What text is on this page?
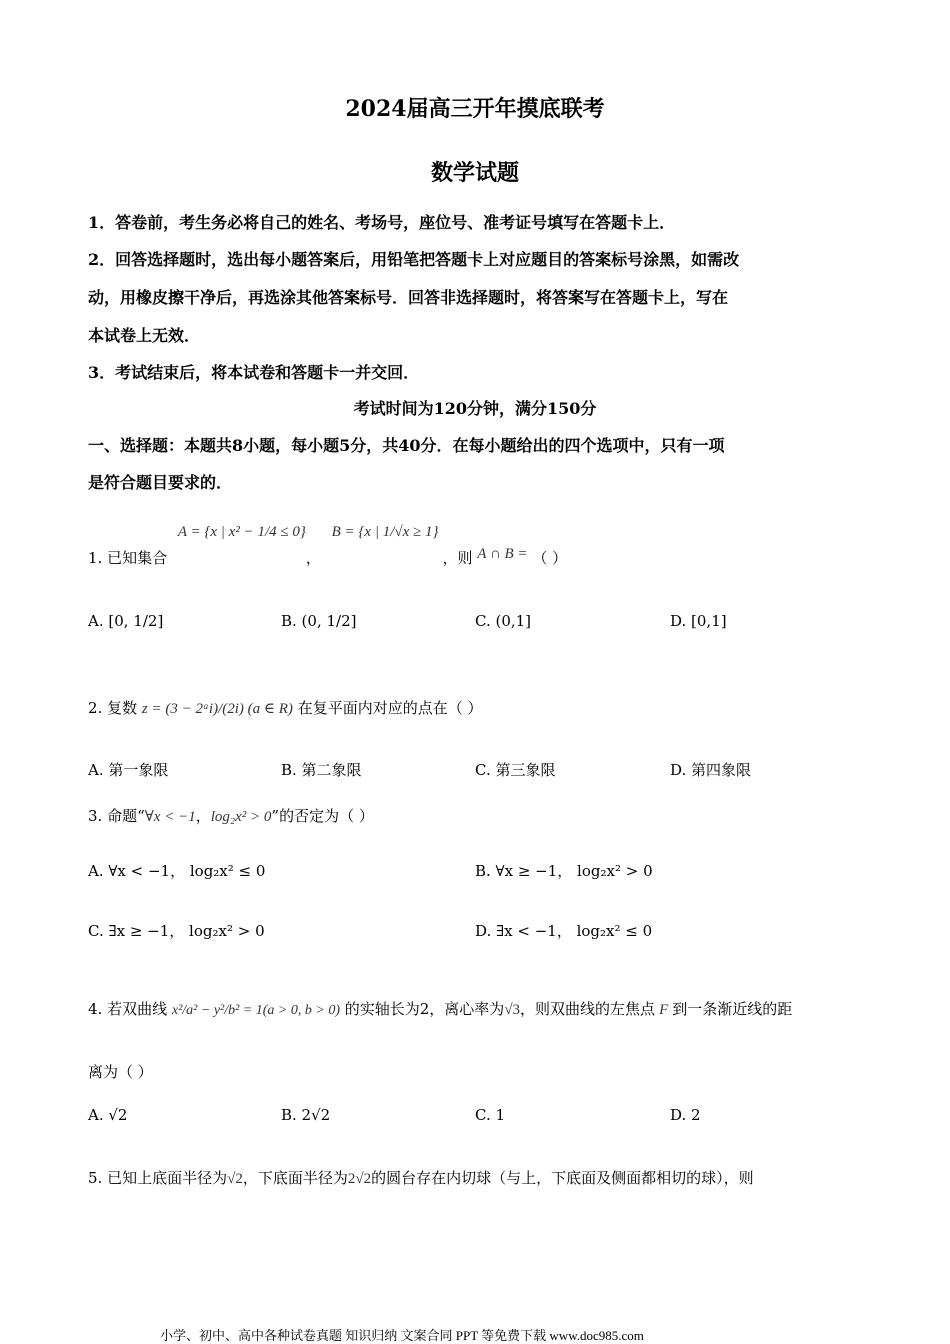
2024届高三开年摸底联考
数学试题
1．答卷前，考生务必将自己的姓名、考场号，座位号、准考证号填写在答题卡上．
2．回答选择题时，选出每小题答案后，用铅笔把答题卡上对应题目的答案标号涂黑，如需改
动，用橡皮擦干净后，再选涂其他答案标号．回答非选择题时，将答案写在答题卡上，写在
本试卷上无效．
3．考试结束后，将本试卷和答题卡一并交回．
考试时间为120分钟，满分150分
一、选择题：本题共8小题，每小题5分，共40分．在每小题给出的四个选项中，只有一项
是符合题目要求的．
1. 已知集合 A = {x | x² − 1/4 ≤ 0}， B = {x | 1/√x ≥ 1}，则 A ∩ B = （ ）
A. [0, 1/2]	B. (0, 1/2]	C. (0,1]	D. [0,1]
2. 复数 z = (3 − 2ᵃi)/(2i) (a ∈ R) 在复平面内对应的点在（ ）
A. 第一象限	B. 第二象限	C. 第三象限	D. 第四象限
3. 命题“∀x < −1，log₂x² > 0”的否定为（ ）
A. ∀x < −1， log₂x² ≤ 0	B. ∀x ≥ −1， log₂x² > 0
C. ∃x ≥ −1， log₂x² > 0	D. ∃x < −1， log₂x² ≤ 0
4. 若双曲线 x²/a² − y²/b² = 1(a > 0, b > 0) 的实轴长为2，离心率为√3，则双曲线的左焦点 F 到一条渐近线的距
离为（ ）
A. √2	B. 2√2	C. 1	D. 2
5. 已知上底面半径为√2，下底面半径为2√2的圆台存在内切球（与上，下底面及侧面都相切的球），则
小学、初中、高中各种试卷真题 知识归纳 文案合同 PPT 等免费下载 www.doc985.com
